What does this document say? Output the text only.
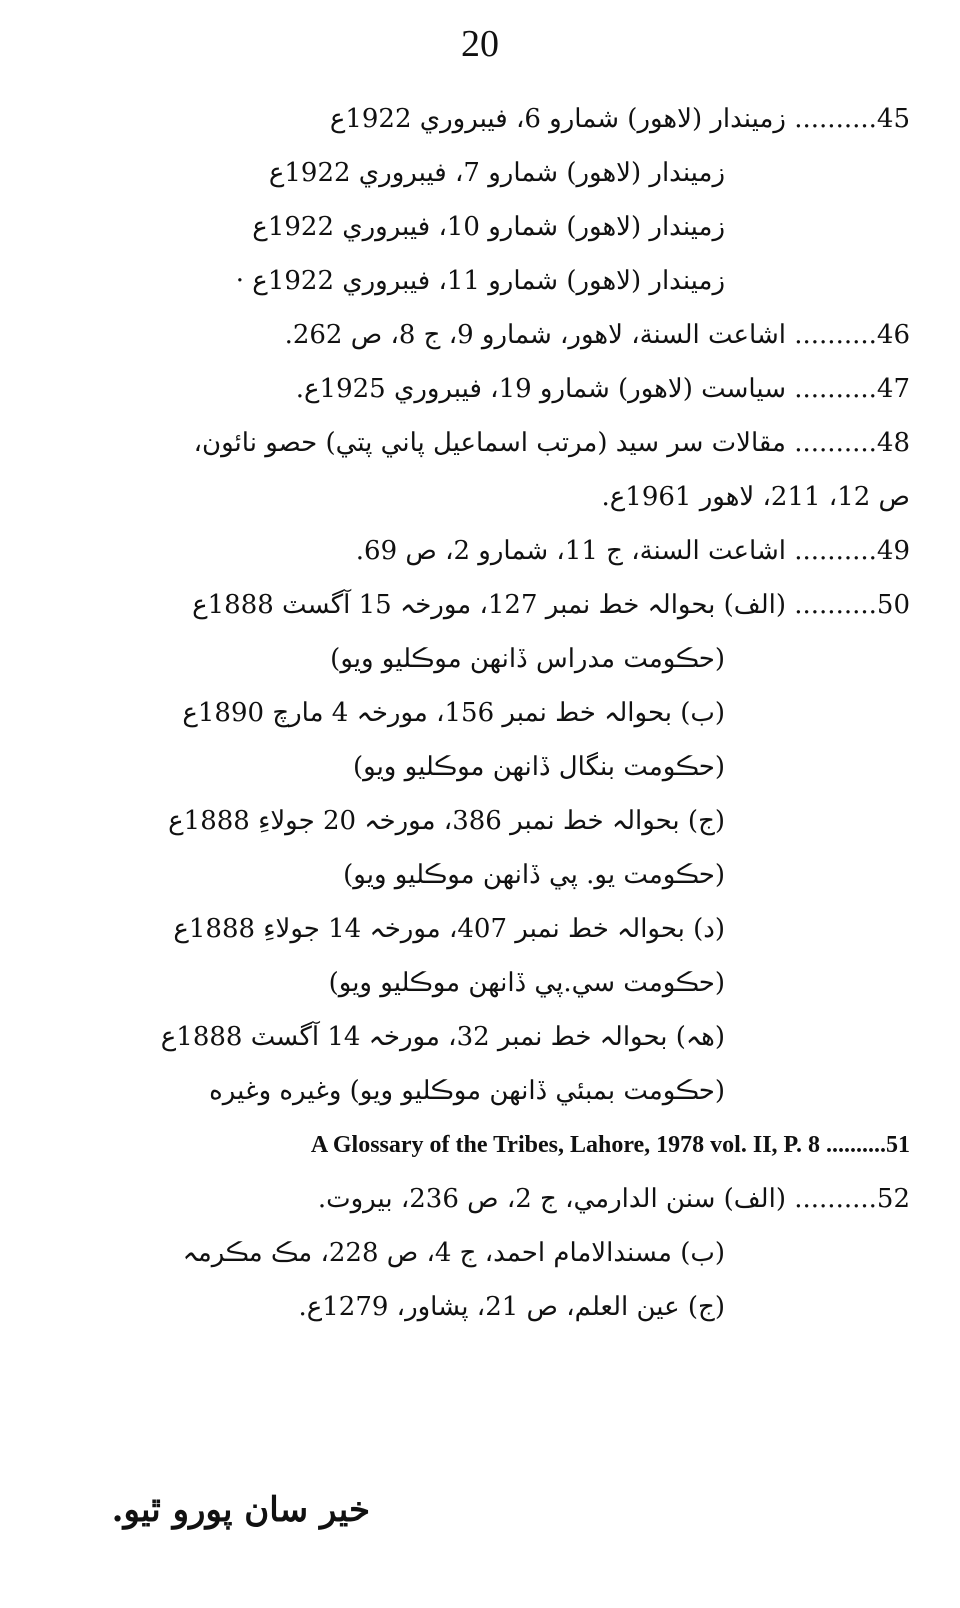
20
45.......... زميندار (لاهور) شمارو 6، فيبروري 1922ع
زميندار (لاهور) شمارو 7، فيبروري 1922ع
زميندار (لاهور) شمارو 10، فيبروري 1922ع
زميندار (لاهور) شمارو 11، فيبروري 1922ع ·
46.......... اشاعت السنة، لاهور، شمارو 9، ج 8، ص 262.
47.......... سياست (لاهور) شمارو 19، فيبروري 1925ع.
48.......... مقالات سر سيد (مرتب اسماعيل پاني پتي) حصو نائون،
ص 12، 211، لاهور 1961ع.
49.......... اشاعت السنة، ج 11، شمارو 2، ص 69.
50.......... (الف) بحوالہ خط نمبر 127، مورخہ 15 آگسٽ 1888ع
(حڪومت مدراس ڏانهن موڪليو ويو)
(ب) بحوالہ خط نمبر 156، مورخہ 4 مارچ 1890ع
(حڪومت بنگال ڏانهن موڪليو ويو)
(ج) بحوالہ خط نمبر 386، مورخہ 20 جولاءِ 1888ع
(حڪومت يو. پي ڏانهن موڪليو ويو)
(د) بحوالہ خط نمبر 407، مورخہ 14 جولاءِ 1888ع
(حڪومت سي.پي ڏانهن موڪليو ويو)
(هہ) بحوالہ خط نمبر 32، مورخہ 14 آگسٽ 1888ع
(حڪومت بمبئي ڏانهن موڪليو ويو) وغيره وغيره
A Glossary of the Tribes, Lahore, 1978 vol. II, P. 8 ..........51
52.......... (الف) سنن الدارمي، ج 2، ص 236، بيروت.
(ب) مسندالامام احمد، ج 4، ص 228، مڪ مڪرمہ
(ج) عين العلم، ص 21، پشاور، 1279ع.
خير سان پورو ٿيو.
